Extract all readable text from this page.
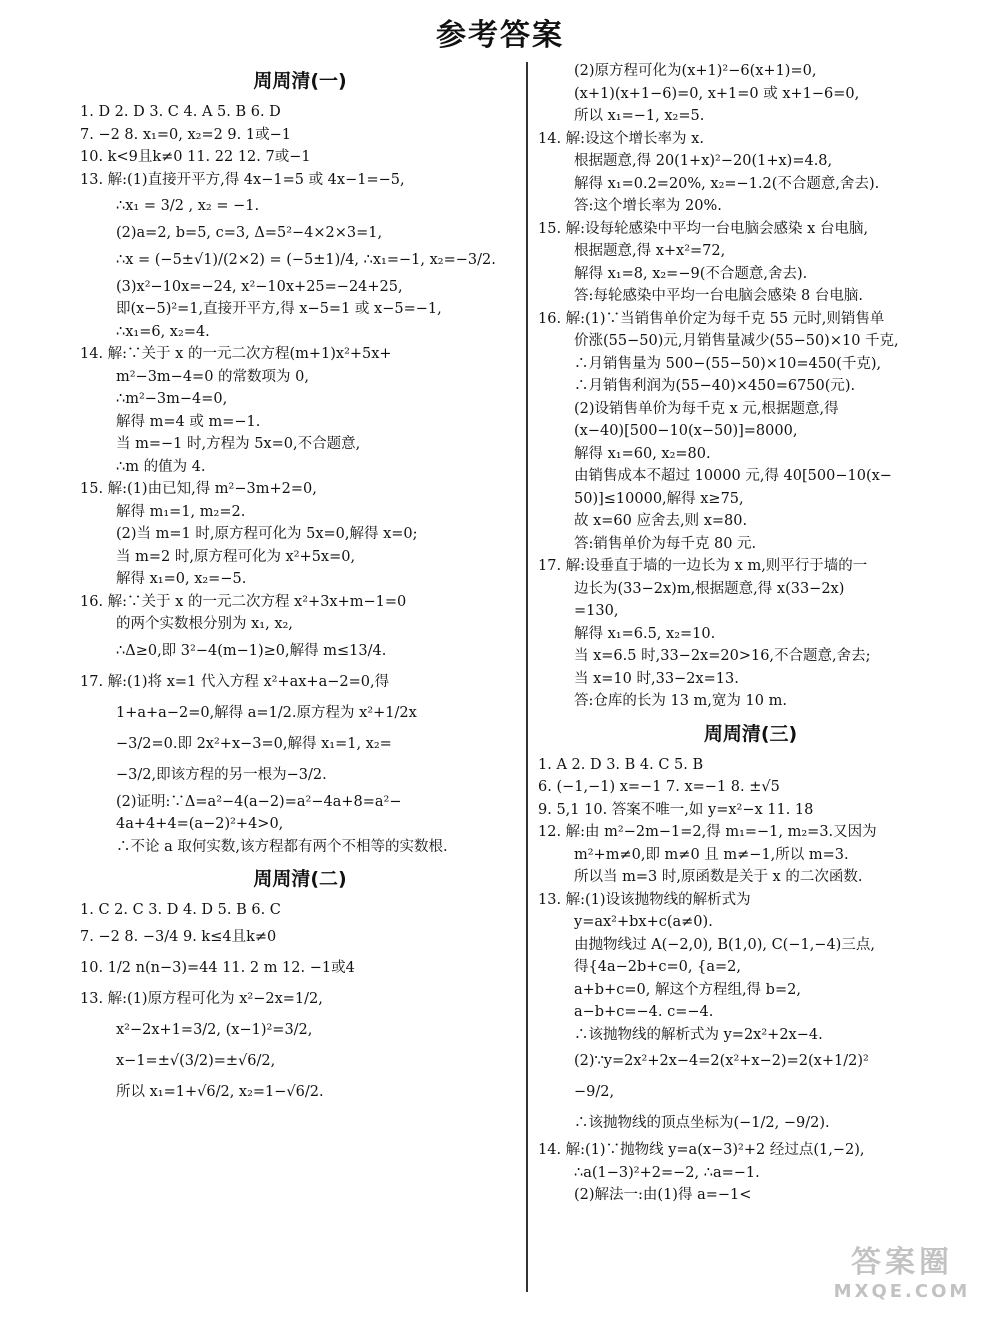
参考答案
周周清(一)
1. D 2. D 3. C 4. A 5. B 6. D
7. −2 8. x₁=0, x₂=2 9. 1或−1
10. k<9且k≠0 11. 22 12. 7或−1
13. 解:(1)直接开平方,得 4x−1=5 或 4x−1=−5,
∴x₁ = 3/2 , x₂ = −1.
(2)a=2, b=5, c=3, Δ=5²−4×2×3=1,
∴x = (−5±√1)/(2×2) = (−5±1)/4, ∴x₁=−1, x₂=−3/2.
(3)x²−10x=−24, x²−10x+25=−24+25,
即(x−5)²=1,直接开平方,得 x−5=1 或 x−5=−1,
∴x₁=6, x₂=4.
14. 解:∵关于 x 的一元二次方程(m+1)x²+5x+
m²−3m−4=0 的常数项为 0,
∴m²−3m−4=0,
解得 m=4 或 m=−1.
当 m=−1 时,方程为 5x=0,不合题意,
∴m 的值为 4.
15. 解:(1)由已知,得 m²−3m+2=0,
解得 m₁=1, m₂=2.
(2)当 m=1 时,原方程可化为 5x=0,解得 x=0;
当 m=2 时,原方程可化为 x²+5x=0,
解得 x₁=0, x₂=−5.
16. 解:∵关于 x 的一元二次方程 x²+3x+m−1=0
的两个实数根分别为 x₁, x₂,
∴Δ≥0,即 3²−4(m−1)≥0,解得 m≤13/4.
17. 解:(1)将 x=1 代入方程 x²+ax+a−2=0,得
1+a+a−2=0,解得 a=1/2.原方程为 x²+1/2x
−3/2=0.即 2x²+x−3=0,解得 x₁=1, x₂=
−3/2,即该方程的另一根为−3/2.
(2)证明:∵Δ=a²−4(a−2)=a²−4a+8=a²−
4a+4+4=(a−2)²+4>0,
∴不论 a 取何实数,该方程都有两个不相等的实数根.
周周清(二)
1. C 2. C 3. D 4. D 5. B 6. C
7. −2 8. −3/4 9. k≤4且k≠0
10. 1/2 n(n−3)=44 11. 2 m 12. −1或4
13. 解:(1)原方程可化为 x²−2x=1/2,
x²−2x+1=3/2, (x−1)²=3/2,
x−1=±√(3/2)=±√6/2,
所以 x₁=1+√6/2, x₂=1−√6/2.
(2)原方程可化为(x+1)²−6(x+1)=0,
(x+1)(x+1−6)=0, x+1=0 或 x+1−6=0,
所以 x₁=−1, x₂=5.
14. 解:设这个增长率为 x.
根据题意,得 20(1+x)²−20(1+x)=4.8,
解得 x₁=0.2=20%, x₂=−1.2(不合题意,舍去).
答:这个增长率为 20%.
15. 解:设每轮感染中平均一台电脑会感染 x 台电脑,
根据题意,得 x+x²=72,
解得 x₁=8, x₂=−9(不合题意,舍去).
答:每轮感染中平均一台电脑会感染 8 台电脑.
16. 解:(1)∵当销售单价定为每千克 55 元时,则销售单
价涨(55−50)元,月销售量减少(55−50)×10 千克,
∴月销售量为 500−(55−50)×10=450(千克),
∴月销售利润为(55−40)×450=6750(元).
(2)设销售单价为每千克 x 元,根据题意,得
(x−40)[500−10(x−50)]=8000,
解得 x₁=60, x₂=80.
由销售成本不超过 10000 元,得 40[500−10(x−
50)]≤10000,解得 x≥75,
故 x=60 应舍去,则 x=80.
答:销售单价为每千克 80 元.
17. 解:设垂直于墙的一边长为 x m,则平行于墙的一
边长为(33−2x)m,根据题意,得 x(33−2x)
=130,
解得 x₁=6.5, x₂=10.
当 x=6.5 时,33−2x=20>16,不合题意,舍去;
当 x=10 时,33−2x=13.
答:仓库的长为 13 m,宽为 10 m.
周周清(三)
1. A 2. D 3. B 4. C 5. B
6. (−1,−1) x=−1 7. x=−1 8. ±√5
9. 5,1 10. 答案不唯一,如 y=x²−x 11. 18
12. 解:由 m²−2m−1=2,得 m₁=−1, m₂=3.又因为
m²+m≠0,即 m≠0 且 m≠−1,所以 m=3.
所以当 m=3 时,原函数是关于 x 的二次函数.
13. 解:(1)设该抛物线的解析式为
y=ax²+bx+c(a≠0).
由抛物线过 A(−2,0), B(1,0), C(−1,−4)三点,
得{4a−2b+c=0, {a=2,
a+b+c=0, 解这个方程组,得 b=2,
a−b+c=−4. c=−4.
∴该抛物线的解析式为 y=2x²+2x−4.
(2)∵y=2x²+2x−4=2(x²+x−2)=2(x+1/2)²
−9/2,
∴该抛物线的顶点坐标为(−1/2, −9/2).
14. 解:(1)∵抛物线 y=a(x−3)²+2 经过点(1,−2),
∴a(1−3)²+2=−2, ∴a=−1.
(2)解法一:由(1)得 a=−1<
答案圈
MXQE.COM
